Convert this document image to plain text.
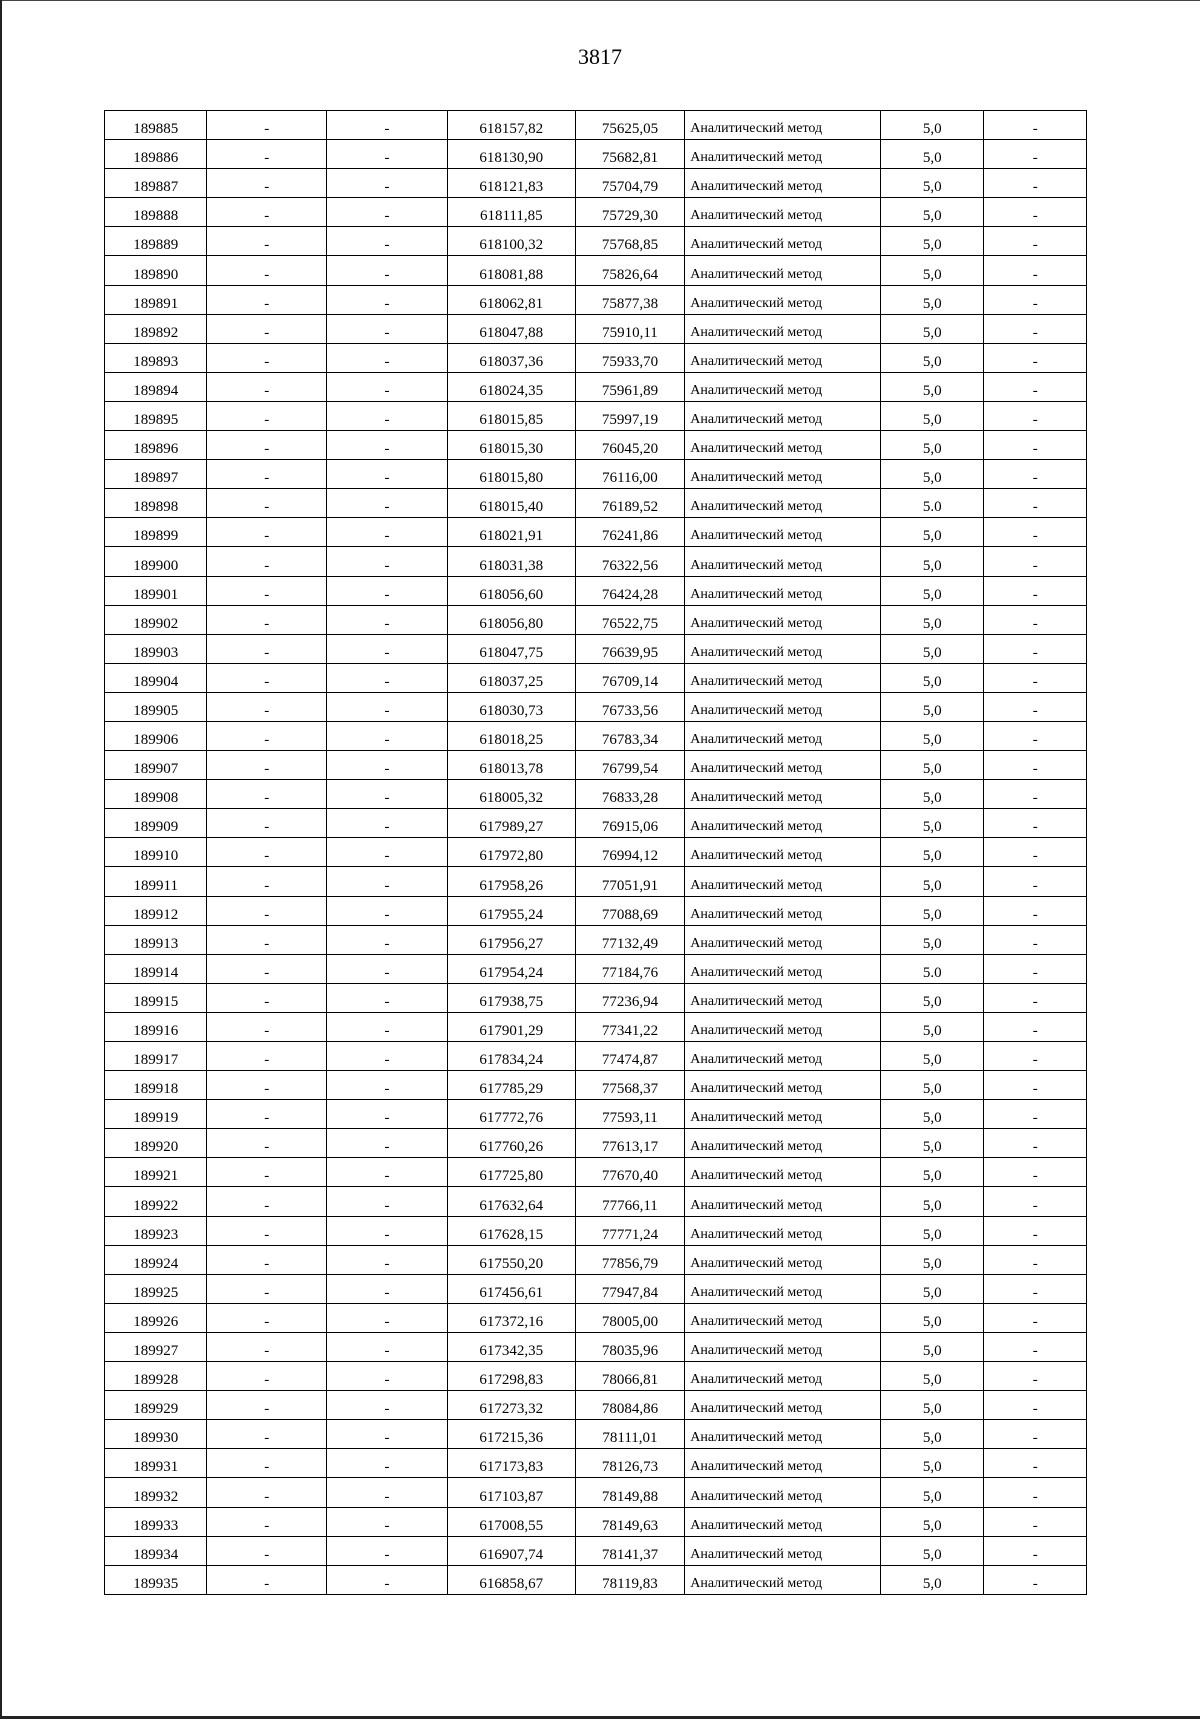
3817
189885	-	-	618157,82	75625,05	Аналитический метод	5,0	-
189886	-	-	618130,90	75682,81	Аналитический метод	5,0	-
189887	-	-	618121,83	75704,79	Аналитический метод	5,0	-
189888	-	-	618111,85	75729,30	Аналитический метод	5,0	-
189889	-	-	618100,32	75768,85	Аналитический метод	5,0	-
189890	-	-	618081,88	75826,64	Аналитический метод	5,0	-
189891	-	-	618062,81	75877,38	Аналитический метод	5,0	-
189892	-	-	618047,88	75910,11	Аналитический метод	5,0	-
189893	-	-	618037,36	75933,70	Аналитический метод	5,0	-
189894	-	-	618024,35	75961,89	Аналитический метод	5,0	-
189895	-	-	618015,85	75997,19	Аналитический метод	5,0	-
189896	-	-	618015,30	76045,20	Аналитический метод	5,0	-
189897	-	-	618015,80	76116,00	Аналитический метод	5,0	-
189898	-	-	618015,40	76189,52	Аналитический метод	5.0	-
189899	-	-	618021,91	76241,86	Аналитический метод	5,0	-
189900	-	-	618031,38	76322,56	Аналитический метод	5,0	-
189901	-	-	618056,60	76424,28	Аналитический метод	5,0	-
189902	-	-	618056,80	76522,75	Аналитический метод	5,0	-
189903	-	-	618047,75	76639,95	Аналитический метод	5,0	-
189904	-	-	618037,25	76709,14	Аналитический метод	5,0	-
189905	-	-	618030,73	76733,56	Аналитический метод	5,0	-
189906	-	-	618018,25	76783,34	Аналитический метод	5,0	-
189907	-	-	618013,78	76799,54	Аналитический метод	5,0	-
189908	-	-	618005,32	76833,28	Аналитический метод	5,0	-
189909	-	-	617989,27	76915,06	Аналитический метод	5,0	-
189910	-	-	617972,80	76994,12	Аналитический метод	5,0	-
189911	-	-	617958,26	77051,91	Аналитический метод	5,0	-
189912	-	-	617955,24	77088,69	Аналитический метод	5,0	-
189913	-	-	617956,27	77132,49	Аналитический метод	5,0	-
189914	-	-	617954,24	77184,76	Аналитический метод	5.0	-
189915	-	-	617938,75	77236,94	Аналитический метод	5,0	-
189916	-	-	617901,29	77341,22	Аналитический метод	5,0	-
189917	-	-	617834,24	77474,87	Аналитический метод	5,0	-
189918	-	-	617785,29	77568,37	Аналитический метод	5,0	-
189919	-	-	617772,76	77593,11	Аналитический метод	5,0	-
189920	-	-	617760,26	77613,17	Аналитический метод	5,0	-
189921	-	-	617725,80	77670,40	Аналитический метод	5,0	-
189922	-	-	617632,64	77766,11	Аналитический метод	5,0	-
189923	-	-	617628,15	77771,24	Аналитический метод	5,0	-
189924	-	-	617550,20	77856,79	Аналитический метод	5,0	-
189925	-	-	617456,61	77947,84	Аналитический метод	5,0	-
189926	-	-	617372,16	78005,00	Аналитический метод	5,0	-
189927	-	-	617342,35	78035,96	Аналитический метод	5,0	-
189928	-	-	617298,83	78066,81	Аналитический метод	5,0	-
189929	-	-	617273,32	78084,86	Аналитический метод	5,0	-
189930	-	-	617215,36	78111,01	Аналитический метод	5,0	-
189931	-	-	617173,83	78126,73	Аналитический метод	5,0	-
189932	-	-	617103,87	78149,88	Аналитический метод	5,0	-
189933	-	-	617008,55	78149,63	Аналитический метод	5,0	-
189934	-	-	616907,74	78141,37	Аналитический метод	5,0	-
189935	-	-	616858,67	78119,83	Аналитический метод	5,0	-
